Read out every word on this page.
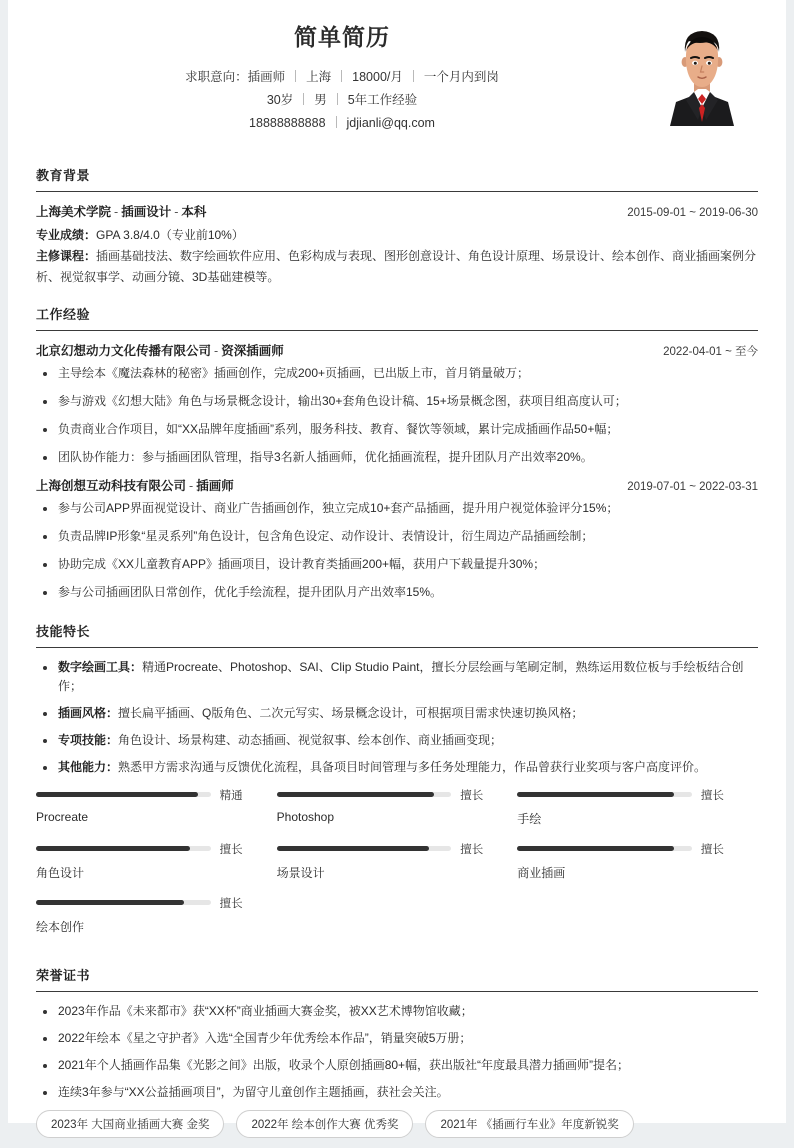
简单简历
求职意向：插画师 上海 18000/月 一个月内到岗
30岁 男 5年工作经验
18888888888 jdjianli@qq.com
教育背景
上海美术学院 - 插画设计 - 本科	2015-09-01 ~ 2019-06-30
专业成绩：GPA 3.8/4.0（专业前10%）
主修课程：插画基础技法、数字绘画软件应用、色彩构成与表现、图形创意设计、角色设计原理、场景设计、绘本创作、商业插画案例分析、视觉叙事学、动画分镜、3D基础建模等。
工作经验
北京幻想动力文化传播有限公司 - 资深插画师	2022-04-01 ~ 至今
主导绘本《魔法森林的秘密》插画创作，完成200+页插画，已出版上市，首月销量破万；
参与游戏《幻想大陆》角色与场景概念设计，输出30+套角色设计稿、15+场景概念图，获项目组高度认可；
负责商业合作项目，如“XX品牌年度插画”系列，服务科技、教育、餐饮等领域，累计完成插画作品50+幅；
团队协作能力：参与插画团队管理，指导3名新人插画师，优化插画流程，提升团队月产出效率20%。
上海创想互动科技有限公司 - 插画师	2019-07-01 ~ 2022-03-31
参与公司APP界面视觉设计、商业广告插画创作，独立完成10+套产品插画，提升用户视觉体验评分15%；
负责品牌IP形象“星灵系列”角色设计，包含角色设定、动作设计、表情设计，衍生周边产品插画绘制；
协助完成《XX儿童教育APP》插画项目，设计教育类插画200+幅，获用户下载量提升30%；
参与公司插画团队日常创作，优化手绘流程，提升团队月产出效率15%。
技能特长
数字绘画工具：精通Procreate、Photoshop、SAI、Clip Studio Paint，擅长分层绘画与笔刷定制，熟练运用数位板与手绘板结合创作；
插画风格：擅长扁平插画、Q版角色、二次元写实、场景概念设计，可根据项目需求快速切换风格；
专项技能：角色设计、场景构建、动态插画、视觉叙事、绘本创作、商业插画变现；
其他能力：熟悉甲方需求沟通与反馈优化流程，具备项目时间管理与多任务处理能力，作品曾获行业奖项与客户高度评价。
精通
Procreate
擅长
Photoshop
擅长
手绘
擅长
角色设计
擅长
场景设计
擅长
商业插画
擅长
绘本创作
荣誉证书
2023年作品《未来都市》获“XX杯”商业插画大赛金奖，被XX艺术博物馆收藏；
2022年绘本《星之守护者》入选“全国青少年优秀绘本作品”，销量突破5万册；
2021年个人插画作品集《光影之间》出版，收录个人原创插画80+幅，获出版社“年度最具潜力插画师”提名；
连续3年参与“XX公益插画项目”，为留守儿童创作主题插画，获社会关注。
2023年 大国商业插画大赛 金奖	2022年 绘本创作大赛 优秀奖	2021年 《插画行车业》年度新锐奖
